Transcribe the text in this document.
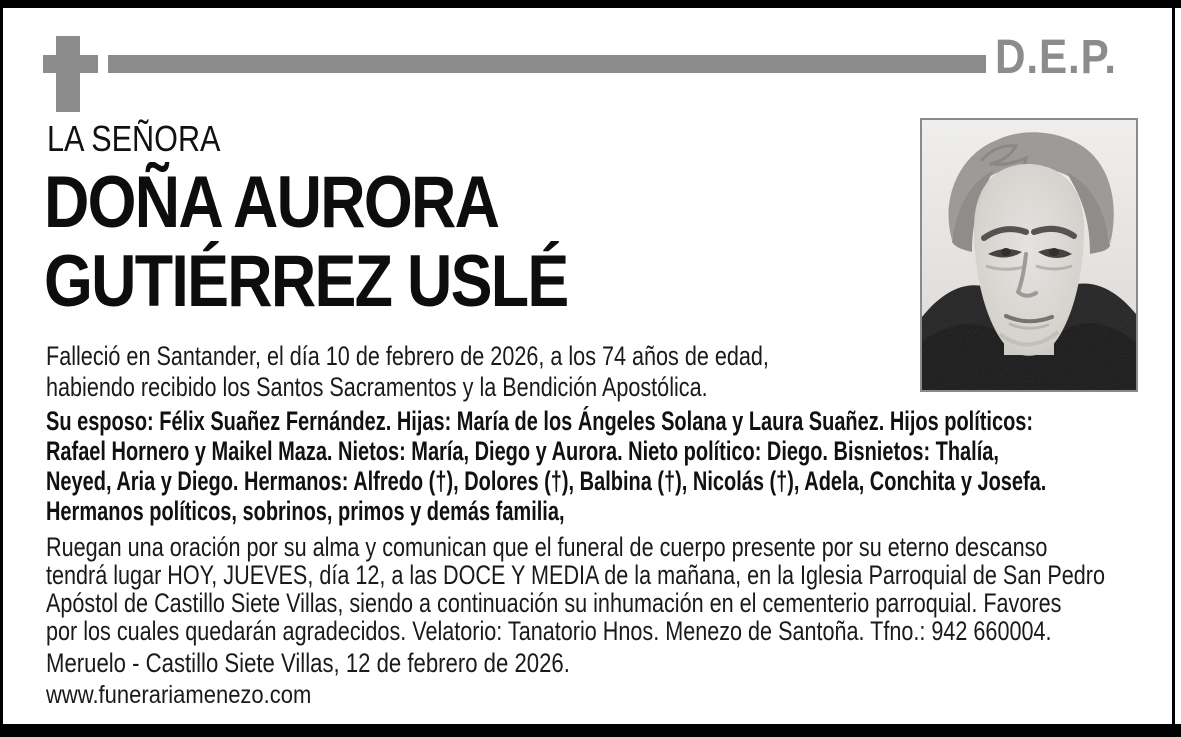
D.E.P.
LA SEÑORA
DOÑA AURORA
GUTIÉRREZ USLÉ
Falleció en Santander, el día 10 de febrero de 2026, a los 74 años de edad,
habiendo recibido los Santos Sacramentos y la Bendición Apostólica.
Su esposo: Félix Suañez Fernández. Hijas: María de los Ángeles Solana y Laura Suañez. Hijos políticos:
Rafael Hornero y Maikel Maza. Nietos: María, Diego y Aurora. Nieto político: Diego. Bisnietos: Thalía,
Neyed, Aria y Diego. Hermanos: Alfredo (†), Dolores (†), Balbina (†), Nicolás (†), Adela, Conchita y Josefa.
Hermanos políticos, sobrinos, primos y demás familia,
Ruegan una oración por su alma y comunican que el funeral de cuerpo presente por su eterno descanso
tendrá lugar HOY, JUEVES, día 12, a las DOCE Y MEDIA de la mañana, en la Iglesia Parroquial de San Pedro
Apóstol de Castillo Siete Villas, siendo a continuación su inhumación en el cementerio parroquial. Favores
por los cuales quedarán agradecidos. Velatorio: Tanatorio Hnos. Menezo de Santoña. Tfno.: 942 660004.
Meruelo - Castillo Siete Villas, 12 de febrero de 2026.
www.funerariamenezo.com
